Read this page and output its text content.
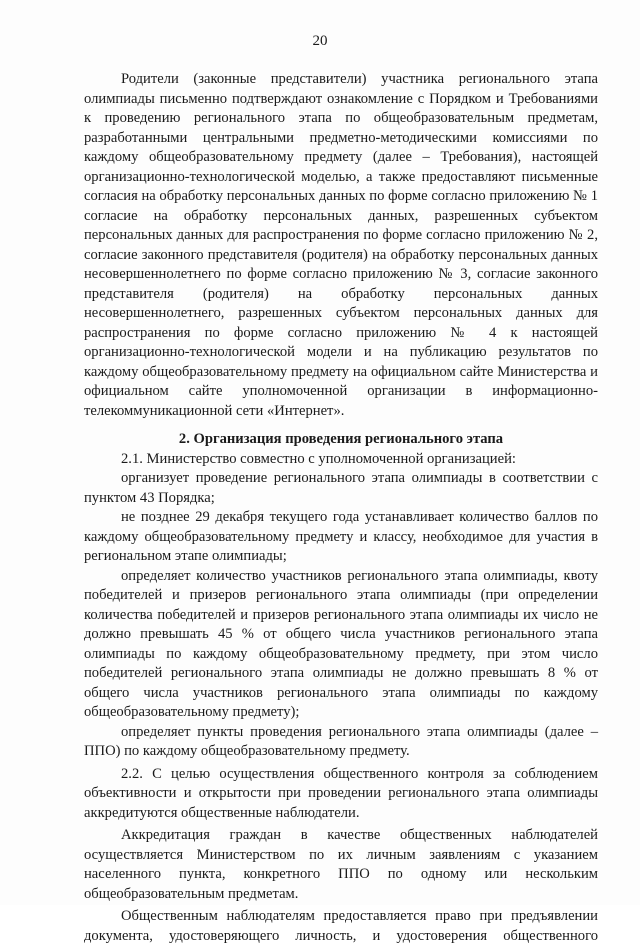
20

Родители (законные представители) участника регионального этапа олимпиады письменно подтверждают ознакомление с Порядком и Требованиями к проведению регионального этапа по общеобразовательным предметам, разработанными центральными предметно-методическими комиссиями по каждому общеобразовательному предмету (далее – Требования), настоящей организационно-технологической моделью, а также предоставляют письменные согласия на обработку персональных данных по форме согласно приложению № 1 согласие на обработку персональных данных, разрешенных субъектом персональных данных для распространения по форме согласно приложению № 2, согласие законного представителя (родителя) на обработку персональных данных несовершеннолетнего по форме согласно приложению № 3, согласие законного представителя (родителя) на обработку персональных данных несовершеннолетнего, разрешенных субъектом персональных данных для распространения по форме согласно приложению № 4 к настоящей организационно-технологической модели и на публикацию результатов по каждому общеобразовательному предмету на официальном сайте Министерства и официальном сайте уполномоченной организации в информационно-телекоммуникационной сети «Интернет».

2. Организация проведения регионального этапа

2.1. Министерство совместно с уполномоченной организацией:

организует проведение регионального этапа олимпиады в соответствии с пунктом 43 Порядка;

не позднее 29 декабря текущего года устанавливает количество баллов по каждому общеобразовательному предмету и классу, необходимое для участия в региональном этапе олимпиады;

определяет количество участников регионального этапа олимпиады, квоту победителей и призеров регионального этапа олимпиады (при определении количества победителей и призеров регионального этапа олимпиады их число не должно превышать 45 % от общего числа участников регионального этапа олимпиады по каждому общеобразовательному предмету, при этом число победителей регионального этапа олимпиады не должно превышать 8 % от общего числа участников регионального этапа олимпиады по каждому общеобразовательному предмету);

определяет пункты проведения регионального этапа олимпиады (далее – ППО) по каждому общеобразовательному предмету.

2.2. С целью осуществления общественного контроля за соблюдением объективности и открытости при проведении регионального этапа олимпиады аккредитуются общественные наблюдатели.

Аккредитация граждан в качестве общественных наблюдателей осуществляется Министерством по их личным заявлениям с указанием населенного пункта, конкретного ППО по одному или нескольким общеобразовательным предметам.

Общественным наблюдателям предоставляется право при предъявлении документа, удостоверяющего личность, и удостоверения общественного
